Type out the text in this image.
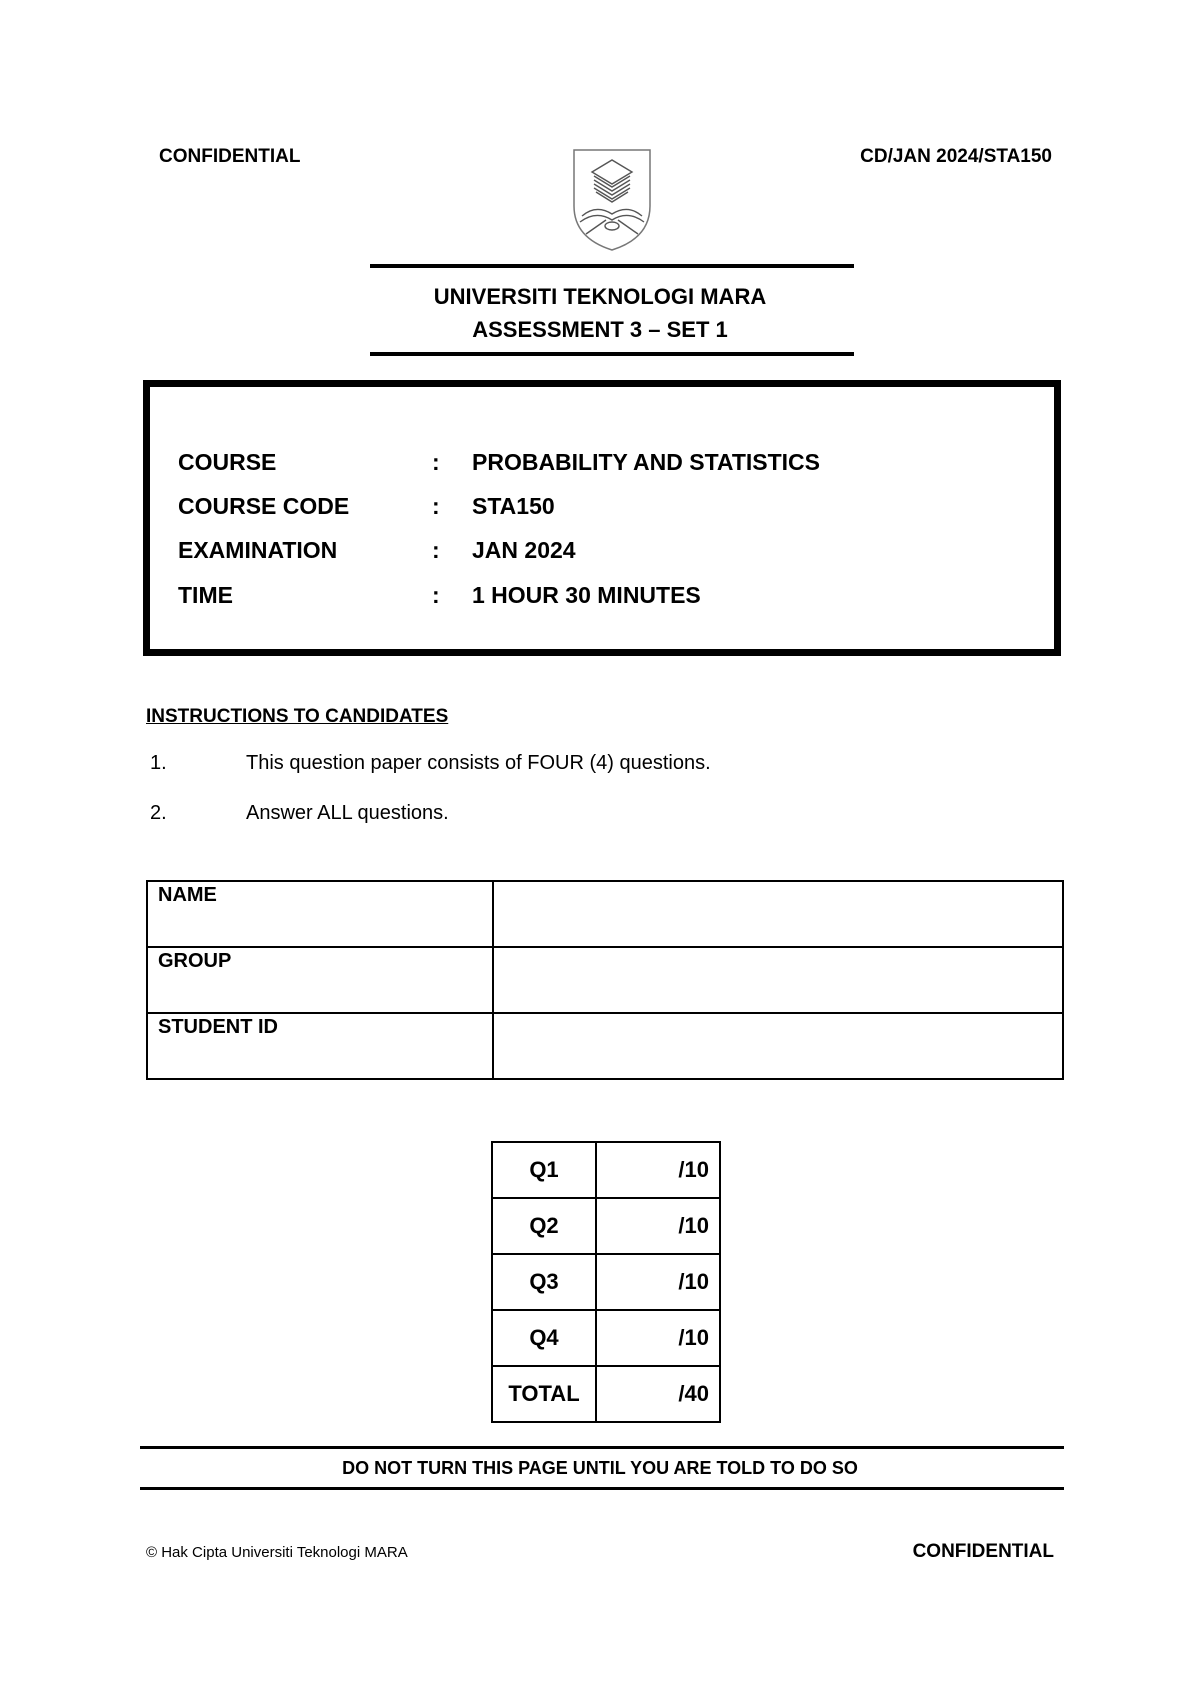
CONFIDENTIAL	CD/JAN 2024/STA150
UNIVERSITI TEKNOLOGI MARA
ASSESSMENT 3 – SET 1
COURSE	: PROBABILITY AND STATISTICS
COURSE CODE	: STA150
EXAMINATION	: JAN 2024
TIME	: 1 HOUR 30 MINUTES
INSTRUCTIONS TO CANDIDATES
1.	This question paper consists of FOUR (4) questions.
2.	Answer ALL questions.
NAME	
GROUP	
STUDENT ID	
Q1	/10
Q2	/10
Q3	/10
Q4	/10
TOTAL	/40
DO NOT TURN THIS PAGE UNTIL YOU ARE TOLD TO DO SO
© Hak Cipta Universiti Teknologi MARA	CONFIDENTIAL
